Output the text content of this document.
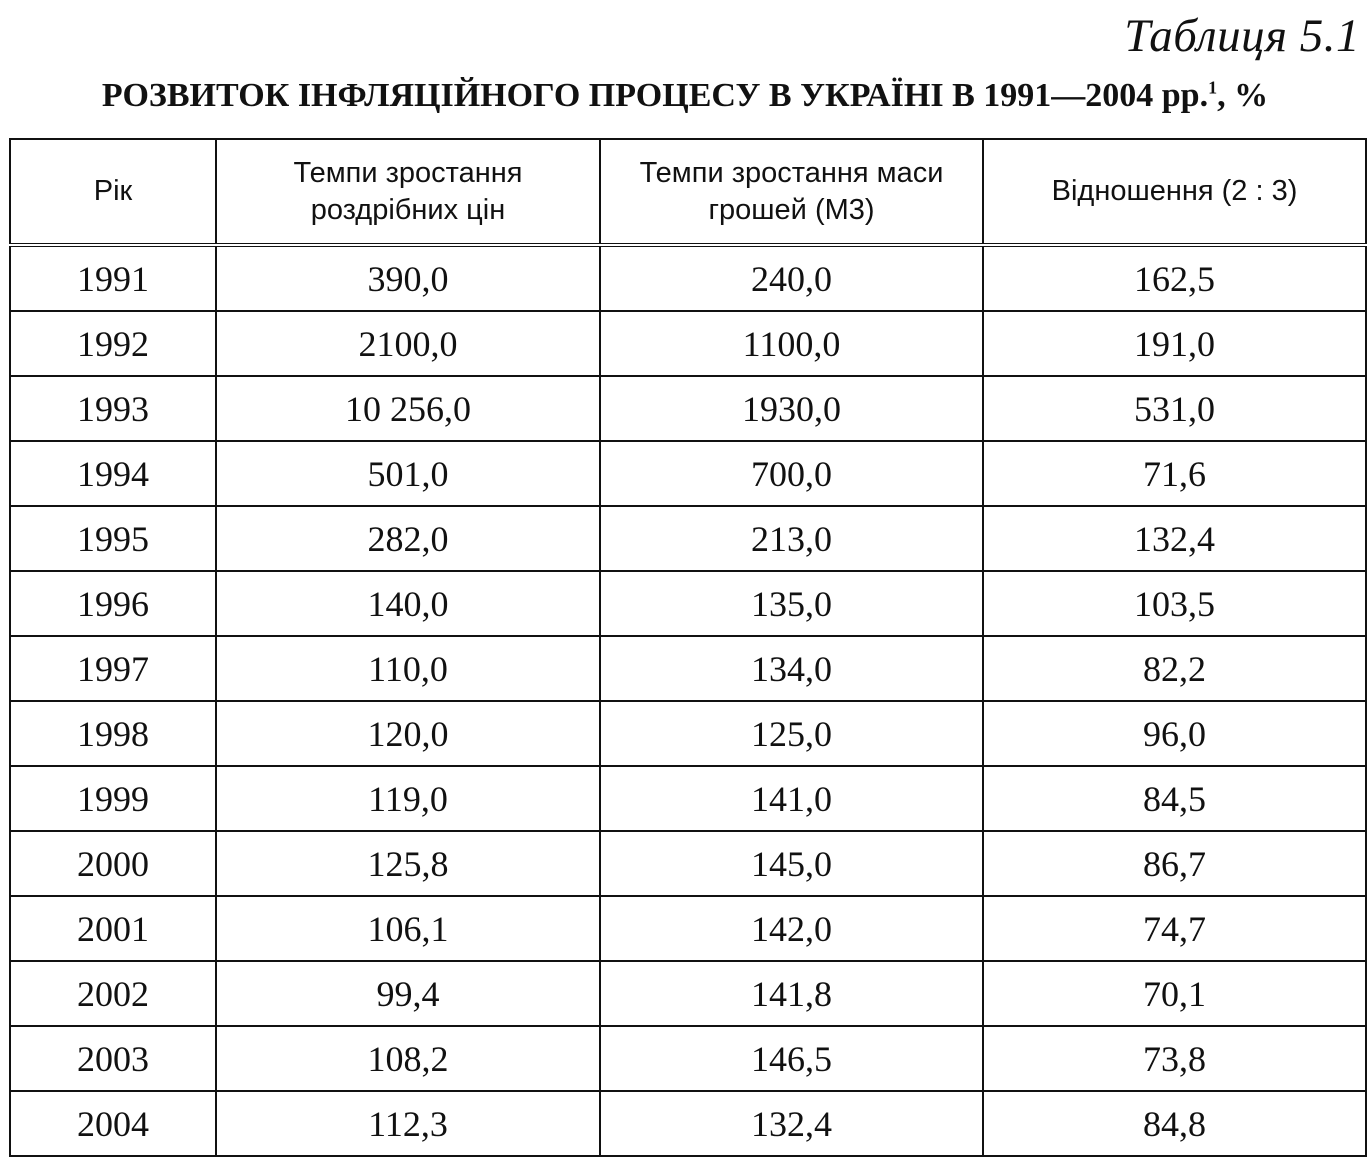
Таблиця 5.1
РОЗВИТОК ІНФЛЯЦІЙНОГО ПРОЦЕСУ В УКРАЇНІ В 1991—2004 рр.$^1$, %
Рік	Темпи зростання роздрібних цін	Темпи зростання маси грошей (М3)	Відношення (2 : 3)
1991	390,0	240,0	162,5
1992	2100,0	1100,0	191,0
1993	10 256,0	1930,0	531,0
1994	501,0	700,0	71,6
1995	282,0	213,0	132,4
1996	140,0	135,0	103,5
1997	110,0	134,0	82,2
1998	120,0	125,0	96,0
1999	119,0	141,0	84,5
2000	125,8	145,0	86,7
2001	106,1	142,0	74,7
2002	99,4	141,8	70,1
2003	108,2	146,5	73,8
2004	112,3	132,4	84,8
